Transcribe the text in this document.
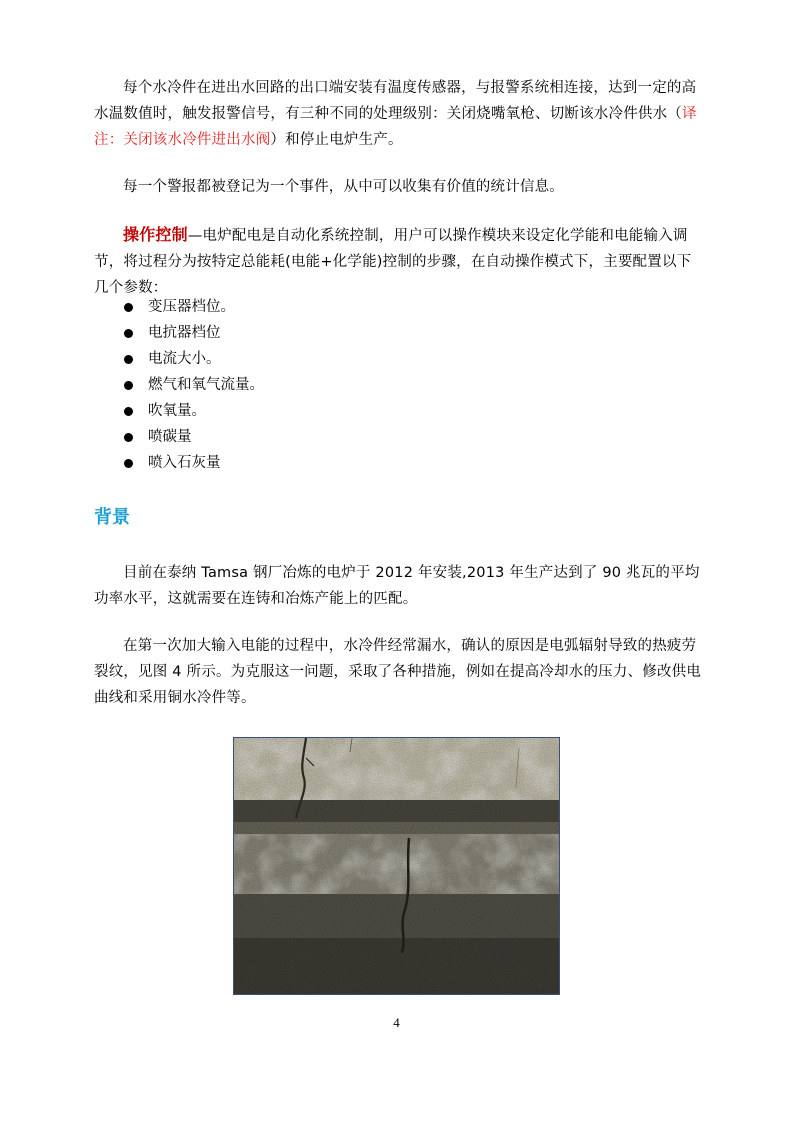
每个水冷件在进出水回路的出口端安装有温度传感器，与报警系统相连接，达到一定的高水温数值时，触发报警信号，有三种不同的处理级别：关闭烧嘴氧枪、切断该水冷件供水（译注：关闭该水冷件进出水阀）和停止电炉生产。

每一个警报都被登记为一个事件，从中可以收集有价值的统计信息。

操作控制—电炉配电是自动化系统控制，用户可以操作模块来设定化学能和电能输入调节，将过程分为按特定总能耗(电能+化学能)控制的步骤，在自动操作模式下，主要配置以下几个参数：

变压器档位。
电抗器档位
电流大小。
燃气和氧气流量。
吹氧量。
喷碳量
喷入石灰量
背景

目前在泰纳 Tamsa 钢厂冶炼的电炉于 2012 年安装,2013 年生产达到了 90 兆瓦的平均功率水平，这就需要在连铸和冶炼产能上的匹配。

在第一次加大输入电能的过程中，水冷件经常漏水，确认的原因是电弧辐射导致的热疲劳裂纹，见图 4 所示。为克服这一问题，采取了各种措施，例如在提高冷却水的压力、修改供电曲线和采用铜水冷件等。

4
